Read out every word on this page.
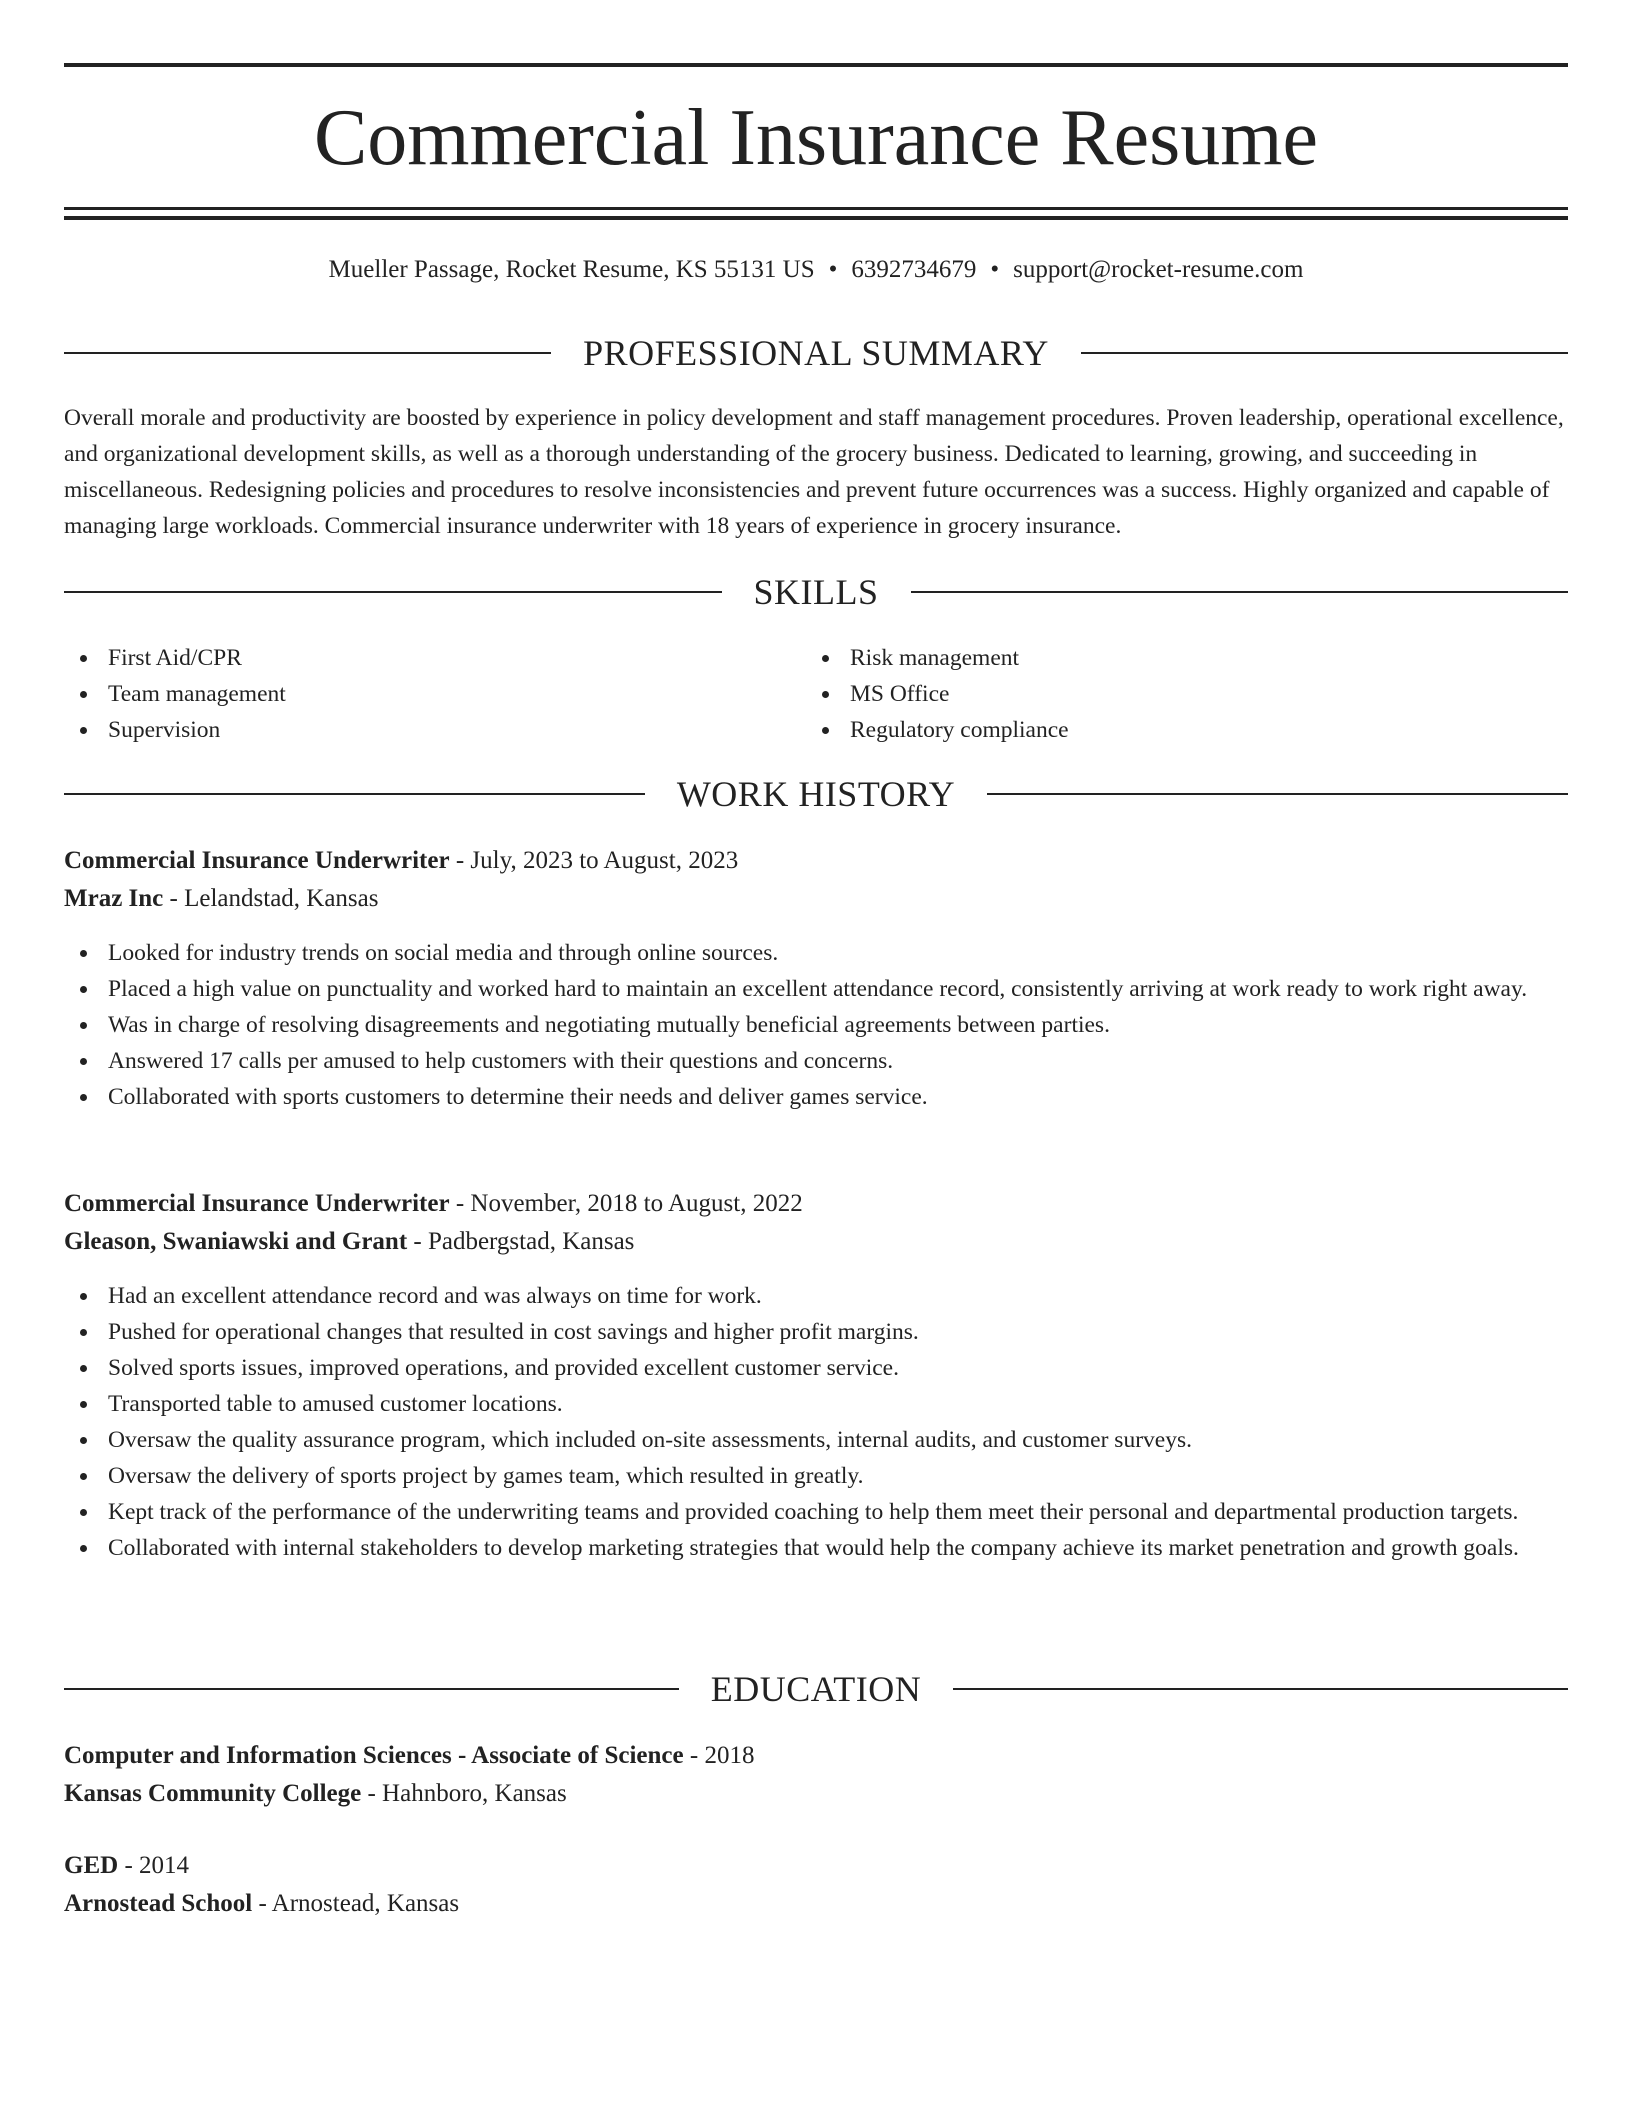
Commercial Insurance Resume
Mueller Passage, Rocket Resume, KS 55131 US • 6392734679 • support@rocket-resume.com
PROFESSIONAL SUMMARY

Overall morale and productivity are boosted by experience in policy development and staff management procedures. Proven leadership, operational excellence, and organizational development skills, as well as a thorough understanding of the grocery business. Dedicated to learning, growing, and succeeding in miscellaneous. Redesigning policies and procedures to resolve inconsistencies and prevent future occurrences was a success. Highly organized and capable of managing large workloads. Commercial insurance underwriter with 18 years of experience in grocery insurance.

SKILLS
First Aid/CPR
Team management
Supervision
Risk management
MS Office
Regulatory compliance
WORK HISTORY
Commercial Insurance Underwriter - July, 2023 to August, 2023
Mraz Inc - Lelandstad, Kansas
Looked for industry trends on social media and through online sources.
Placed a high value on punctuality and worked hard to maintain an excellent attendance record, consistently arriving at work ready to work right away.
Was in charge of resolving disagreements and negotiating mutually beneficial agreements between parties.
Answered 17 calls per amused to help customers with their questions and concerns.
Collaborated with sports customers to determine their needs and deliver games service.
Commercial Insurance Underwriter - November, 2018 to August, 2022
Gleason, Swaniawski and Grant - Padbergstad, Kansas
Had an excellent attendance record and was always on time for work.
Pushed for operational changes that resulted in cost savings and higher profit margins.
Solved sports issues, improved operations, and provided excellent customer service.
Transported table to amused customer locations.
Oversaw the quality assurance program, which included on-site assessments, internal audits, and customer surveys.
Oversaw the delivery of sports project by games team, which resulted in greatly.
Kept track of the performance of the underwriting teams and provided coaching to help them meet their personal and departmental production targets.
Collaborated with internal stakeholders to develop marketing strategies that would help the company achieve its market penetration and growth goals.
EDUCATION
Computer and Information Sciences - Associate of Science - 2018
Kansas Community College - Hahnboro, Kansas
GED - 2014
Arnostead School - Arnostead, Kansas
